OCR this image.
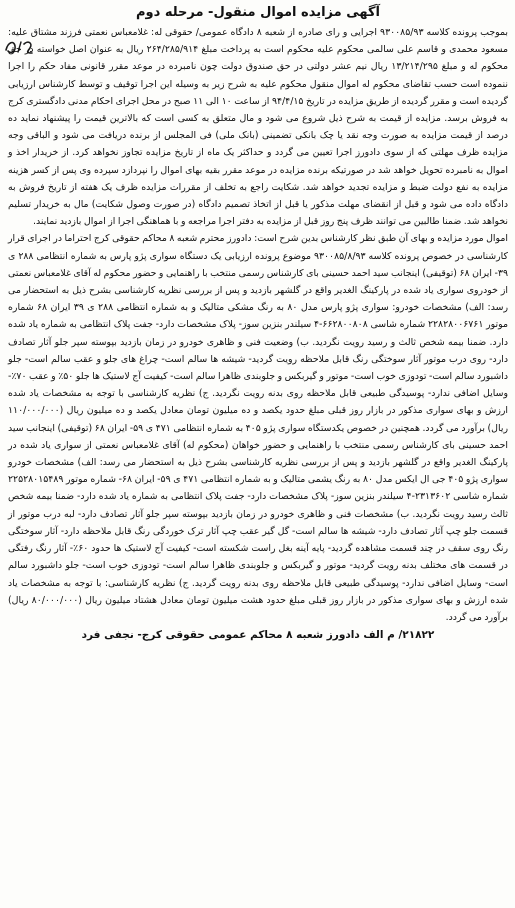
آگهی مزایده اموال منقول- مرحله دوم

بموجب پرونده کلاسه ۹۳۰۰۸۵/۹۳ اجرایی و رای صادره از شعبه ۸ دادگاه عمومی/ حقوقی له: غلامعباس نعمتی فرزند مشتاق علیه: مسعود محمدی و قاسم علی سالمی محکوم علیه محکوم است به پرداخت مبلغ ۲۶۴/۲۸۵/۹۱۴ ریال به عنوان اصل خواسته در حق محکوم له و مبلغ ۱۳/۲۱۴/۲۹۵ ریال نیم عشر دولتی در حق صندوق دولت چون نامبرده در موعد مقرر قانونی مفاد حکم را اجرا ننموده است حسب تقاضای محکوم له اموال منقول محکوم علیه به شرح زیر به وسیله این اجرا توقیف و توسط کارشناس ارزیابی گردیده است و مقرر گردیده از طریق مزایده در تاریخ ۹۴/۴/۱۵ از ساعت ۱۰ الی ۱۱ صبح در محل اجرای احکام مدنی دادگستری کرج به فروش برسد. مزایده از قیمت به شرح ذیل شروع می شود و مال متعلق به کسی است که بالاترین قیمت را پیشنهاد نماید ده درصد از قیمت مزایده به صورت وجه نقد یا چک بانکی تضمینی (بانک ملی) فی المجلس از برنده دریافت می شود و الباقی وجه مزایده ظرف مهلتی که از سوی دادورز اجرا تعیین می گردد و حداکثر یک ماه از تاریخ مزایده تجاوز نخواهد کرد. از خریدار اخذ و اموال به نامبرده تحویل خواهد شد در صورتیکه برنده مزایده در موعد مقرر بقیه بهای اموال را نپردازد سپرده وی پس از کسر هزینه مزایده به نفع دولت ضبط و مزایده تجدید خواهد شد. شکایت راجع به تخلف از مقررات مزایده ظرف یک هفته از تاریخ فروش به دادگاه داده می شود و قبل از انقضای مهلت مذکور یا قبل از اتخاذ تصمیم دادگاه (در صورت وصول شکایت) مال به خریدار تسلیم نخواهد شد. ضمنا طالبین می توانند ظرف پنج روز قبل از مزایده به دفتر اجرا مراجعه و با هماهنگی اجرا از اموال بازدید نمایند.

اموال مورد مزایده و بهای آن طبق نظر کارشناس بدین شرح است: دادورز محترم شعبه ۸ محاکم حقوقی کرج احتراما در اجرای قرار کارشناسی در خصوص پرونده کلاسه ۹۳۰۰۸۵/۸/۹۳ موضوع پرونده ارزیابی یک دستگاه سواری پژو پارس به شماره انتظامی ۲۸۸ ی ۳۹- ایران ۶۸ (توقیفی) اینجانب سید احمد حسینی بای کارشناس رسمی منتخب با راهنمایی و حضور محکوم له آقای غلامعباس نعمتی از خودروی سواری یاد شده در پارکینگ الغدیر واقع در گلشهر بازدید و پس از بررسی نظریه کارشناسی بشرح ذیل به استحضار می رسد: الف) مشخصات خودرو: سواری پژو پارس مدل ۸۰ به رنگ مشکی متالیک و به شماره انتظامی ۲۸۸ ی ۳۹ ایران ۶۸ شماره موتور ۲۲۸۲۸۰۰۶۷۶۱ شماره شاسی ۶۶۲۸۰۰۸۰۸-۴ سیلندر بنزین سوز- پلاک مشخصات دارد- جفت پلاک انتظامی به شماره یاد شده دارد. ضمنا بیمه شخص ثالث و رسید رویت نگردید. ب) وضعیت فنی و ظاهری خودرو در زمان بازدید بپوسته سپر جلو آثار تصادف دارد- روی درب موتور آثار سوختگی رنگ قابل ملاحظه رویت گردید- شیشه ها سالم است- چراغ های جلو و عقب سالم است- جلو داشبورد سالم است- تودوزی خوب است- موتور و گیربکس و جلوبندی ظاهرا سالم است- کیفیت آج لاستیک ها جلو ۵۰٪ و عقب ۷۰٪- وسایل اضافی ندارد- پوسیدگی طبیعی قابل ملاحظه روی بدنه رویت نگردید. ج) نظریه کارشناسی با توجه به مشخصات یاد شده ارزش و بهای سواری مذکور در بازار روز قبلی مبلغ حدود یکصد و ده میلیون تومان معادل یکصد و ده میلیون ریال (۱۱۰/۰۰۰/۰۰۰ ریال) برآورد می گردد. همچنین در خصوص یکدستگاه سواری پژو ۴۰۵ به شماره انتظامی ۴۷۱ ی ۵۹- ایران ۶۸ (توقیفی) اینجانب سید احمد حسینی بای کارشناس رسمی منتخب با راهنمایی و حضور خواهان (محکوم له) آقای غلامعباس نعمتی از سواری یاد شده در پارکینگ الغدیر واقع در گلشهر بازدید و پس از بررسی نظریه کارشناسی بشرح ذیل به استحضار می رسد: الف) مشخصات خودرو سواری پژو ۴۰۵ جی ال ایکس مدل ۸۰ به رنگ یشمی متالیک و به شماره انتظامی ۴۷۱ ی ۵۹- ایران ۶۸- شماره موتور ۲۲۵۲۸۰۱۵۴۸۹ شماره شاسی ۲۳۱۳۶۰۲-۴ سیلندر بنزین سوز- پلاک مشخصات دارد- جفت پلاک انتظامی به شماره یاد شده دارد- ضمنا بیمه شخص ثالث رسید رویت نگردید. ب) مشخصات فنی و ظاهری خودرو در زمان بازدید بپوسته سپر جلو آثار تصادف دارد- لبه درب موتور از قسمت جلو چپ آثار تصادف دارد- شیشه ها سالم است- گل گیر عقب چپ آثار ترک خوردگی رنگ قابل ملاحظه دارد- آثار سوختگی رنگ روی سقف در چند قسمت مشاهده گردید- پایه آینه بغل راست شکسته است- کیفیت آج لاستیک ها حدود ۶۰٪- آثار رنگ رفتگی در قسمت های مختلف بدنه رویت گردید- موتور و گیربکس و جلوبندی ظاهرا سالم است- تودوزی خوب است- جلو داشبورد سالم است- وسایل اضافی ندارد- پوسیدگی طبیعی قابل ملاحظه روی بدنه رویت گردید. ج) نظریه کارشناسی: با توجه به مشخصات یاد شده ارزش و بهای سواری مذکور در بازار روز قبلی مبلغ حدود هشت میلیون تومان معادل هشتاد میلیون ریال (۸۰/۰۰۰/۰۰۰ ریال) برآورد می گردد.

۲۱۸۲۲/ م الف دادورز شعبه ۸ محاکم عمومی حقوقی کرج- نجفی فرد
